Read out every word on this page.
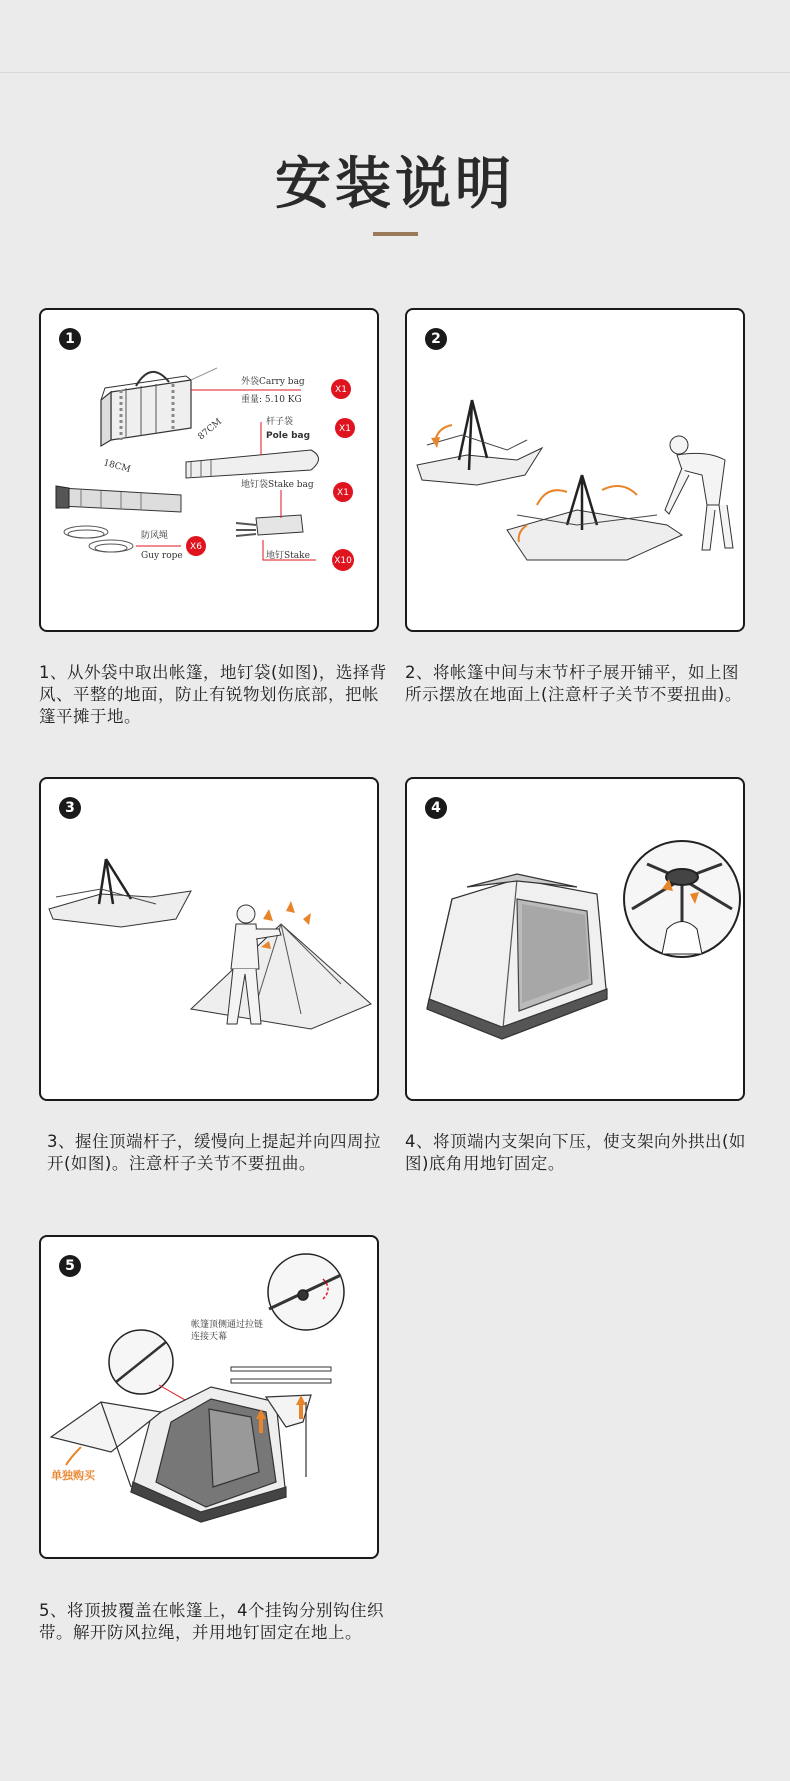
安装说明
1
外袋Carry bag
重量: 5.10 KG
X1
87CM
18CM
杆子袋
Pole bag
X1
防风绳
Guy rope
X6
地钉袋Stake bag
X1
地钉Stake	X10
1、从外袋中取出帐篷，地钉袋(如图)，选择背风、平整的地面，防止有锐物划伤底部，把帐篷平摊于地。
2
2、将帐篷中间与末节杆子展开铺平，如上图所示摆放在地面上(注意杆子关节不要扭曲)。
3
3、握住顶端杆子，缓慢向上提起并向四周拉开(如图)。注意杆子关节不要扭曲。
4
4、将顶端内支架向下压，使支架向外拱出(如图)底角用地钉固定。
5
帐篷顶侧通过拉链
连接天幕
单独购买
5、将顶披覆盖在帐篷上，4个挂钩分别钩住织带。解开防风拉绳，并用地钉固定在地上。
